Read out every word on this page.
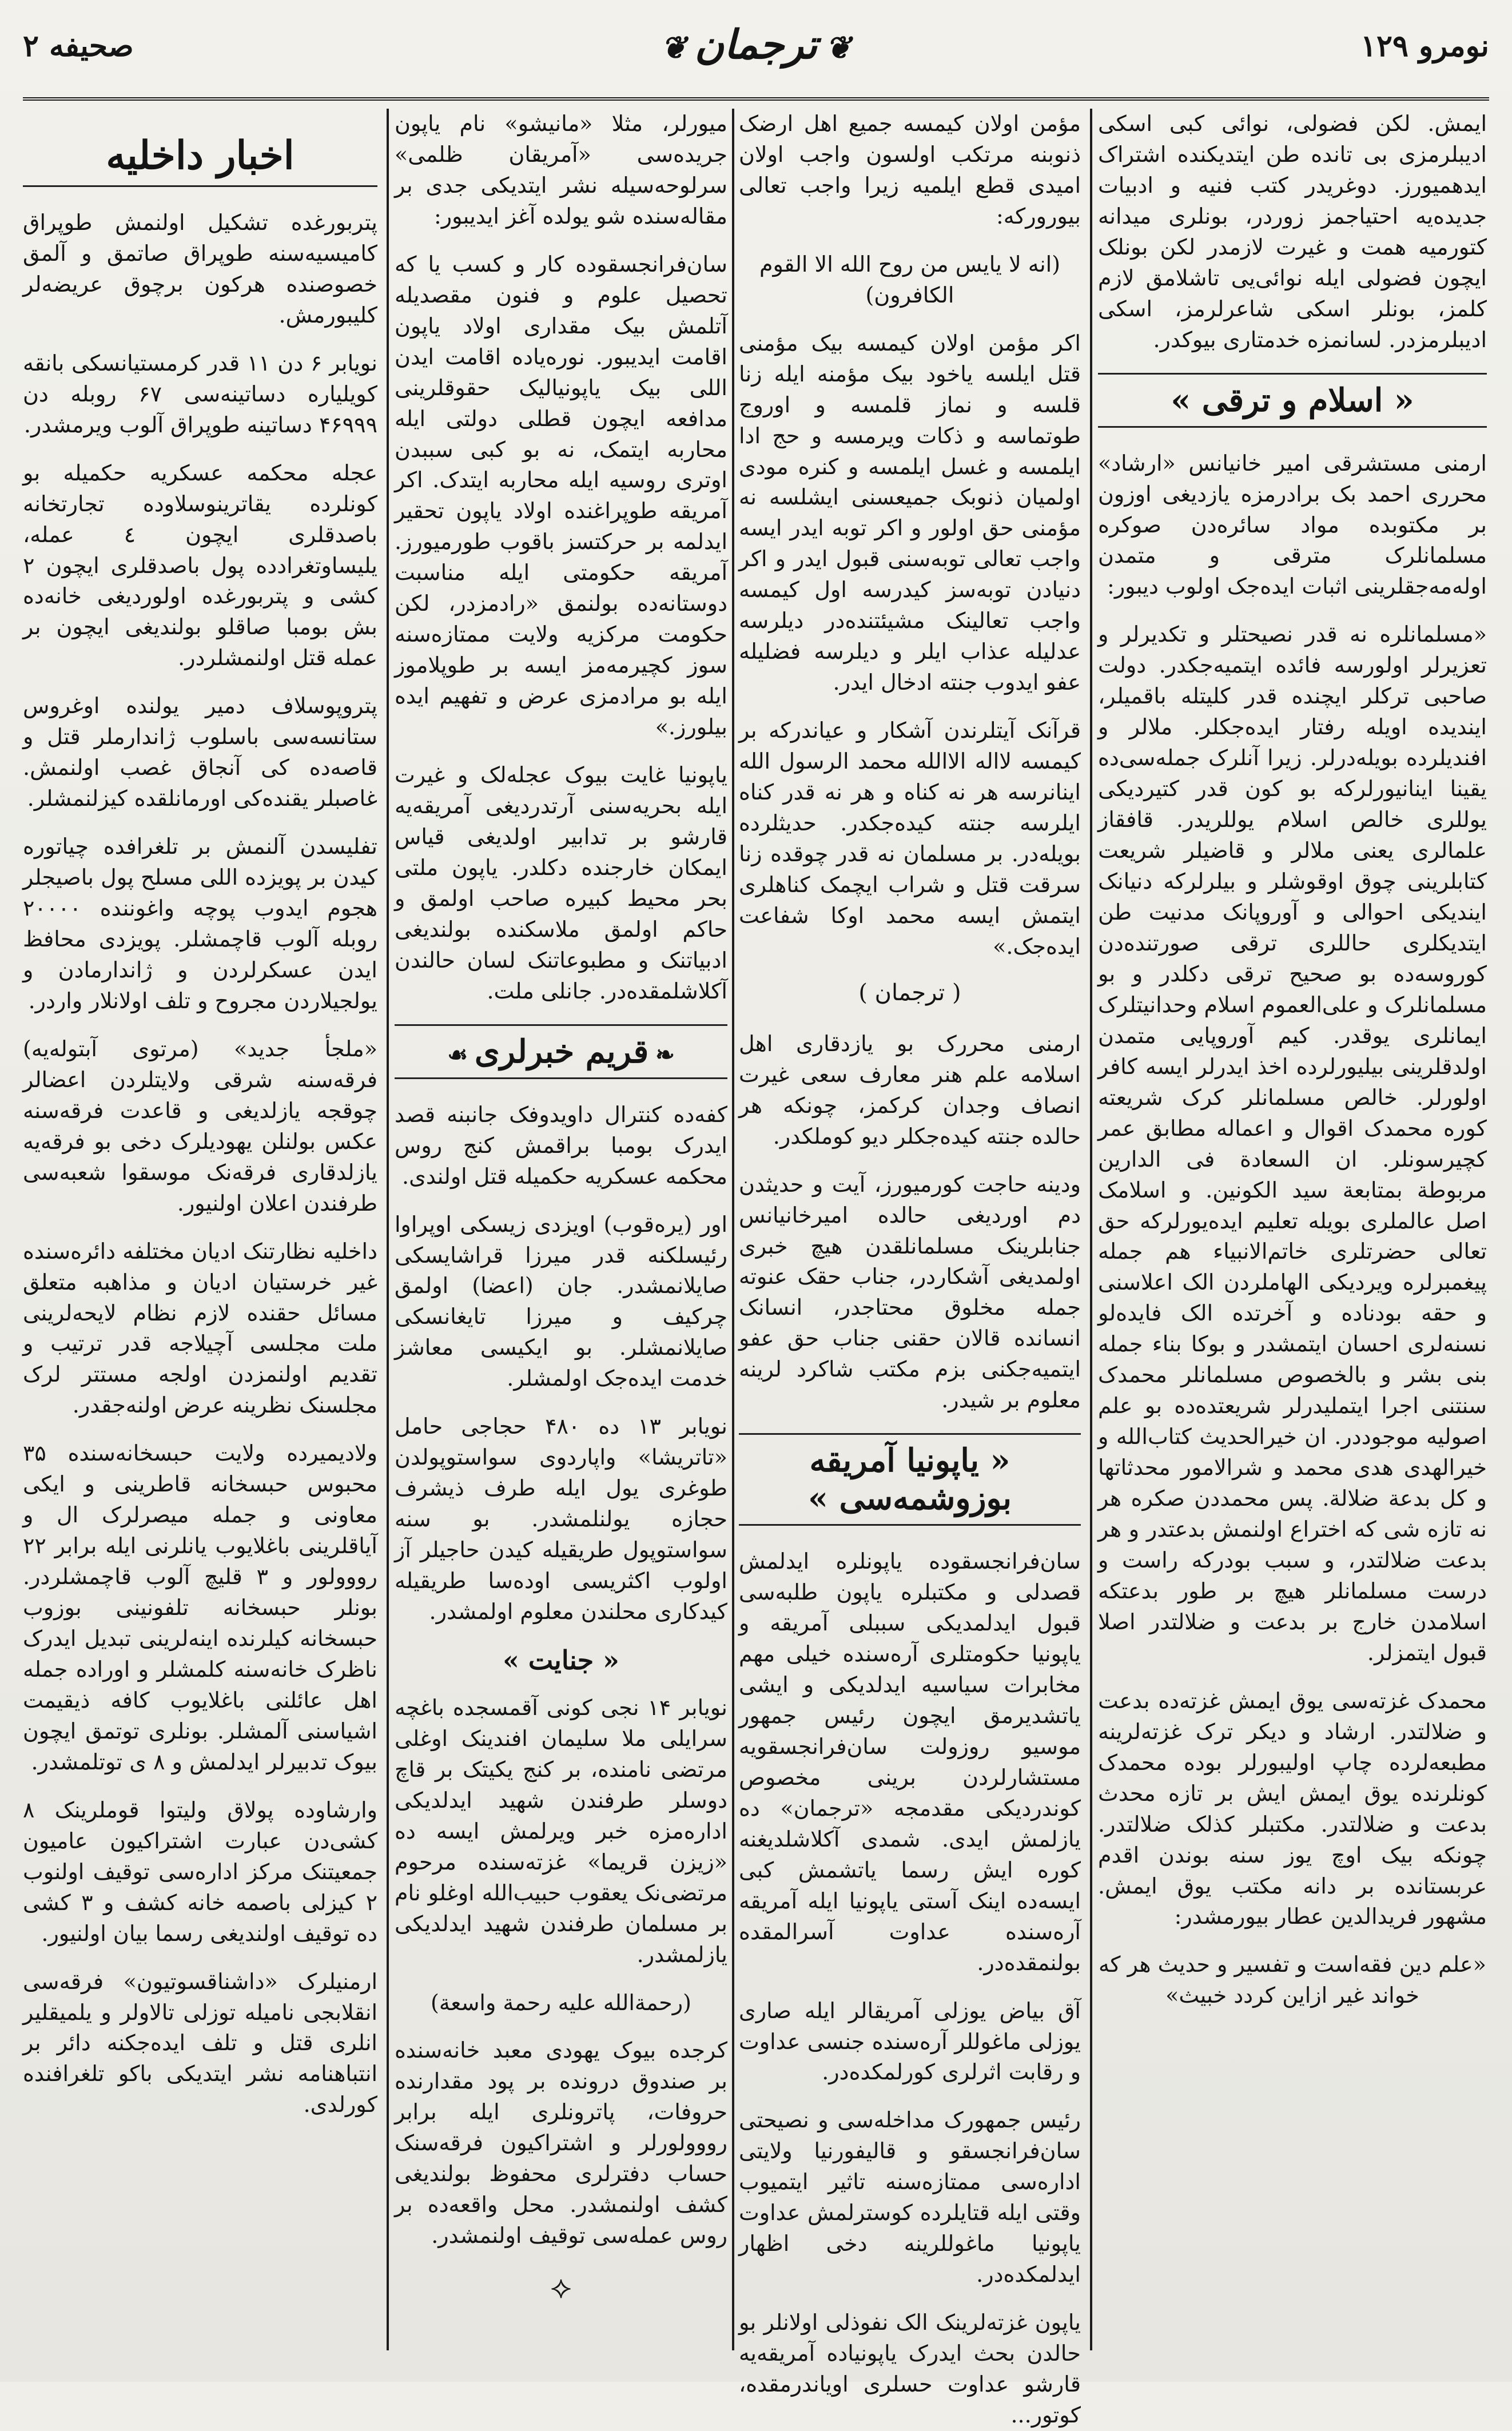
نومرو ۱۲۹
❦ترجمان❦
صحیفه ۲

ایمش. لکن فضولی، نوائی کبی اسکی ادیبلرمزی بی تانده طن ایتدیکنده اشتراک ایدهمیورز. دوغریدر کتب فنیه و ادبیات جدیده‌یه احتیاجمز زوردر، بونلری میدانه کتورمیه همت و غیرت لازمدر لکن بونلک ایچون فضولی ایله نوائی‌یی تاشلامق لازم کلمز، بونلر اسکی شاعرلرمز، اسکی ادیبلرمزدر. لسانمزه خدمتاری بیوکدر.

« اسلام و ترقی »

ارمنی مستشرقی امیر خانیانس «ارشاد» محرری احمد بک برادرمزه یازدیغی اوزون بر مکتوبده مواد سائره‌دن صوکره مسلمانلرک مترقی و متمدن اوله‌مه‌جقلرینی اثبات ایده‌جک اولوب دیبور:

«مسلمانلره نه قدر نصیحتلر و تکدیرلر و تعزیرلر اولورسه فائده ایتمیه‌جکدر. دولت صاحبی ترکلر ایچنده قدر کلیتله باقمیلر، ایندیده اویله رفتار ایده‌جکلر. ملالر و افندیلرده بویله‌درلر. زیرا آنلرک جمله‌سی‌ده یقینا اینانیورلرکه بو کون قدر کتیردیکی یوللری خالص اسلام یوللریدر. قافقاز علمالری یعنی ملالر و قاضیلر شریعت کتابلرینی چوق اوقوشلر و بیلرلرکه دنیانک ایندیکی احوالی و آوروپانک مدنیت طن ایتدیکلری حاللری ترقی صورتنده‌دن کوروسه‌ده بو صحیح ترقی دکلدر و بو مسلمانلرک و علی‌العموم اسلام وحدانیتلرک ایمانلری یوقدر. کیم آوروپایی متمدن اولدقلرینی بیلیورلرده اخذ ایدرلر ایسه کافر اولورلر. خالص مسلمانلر کرک شریعته کوره محمدک اقوال و اعماله مطابق عمر کچیرسونلر. ان السعادة فی الدارین مربوطة بمتابعة سید الکونین. و اسلامک اصل عالملری بویله تعلیم ایده‌یورلرکه حق تعالی حضرتلری خاتم‌الانبیاء هم جمله پیغمبرلره ویردیکی الهاملردن الک اعلاسنی و حقه بودناده و آخرتده الک فایده‌لو نسنه‌لری احسان ایتمشدر و بوکا بناء جمله بنی بشر و بالخصوص مسلمانلر محمدک سنتنی اجرا ایتملیدرلر شریعتده‌ده بو علم اصولیه موجوددر. ان خیرالحدیث کتاب‌الله و خیرالهدی هدی محمد و شرالامور محدثاتها و کل بدعة ضلالة. پس محمددن صکره هر نه تازه شی که اختراع اولنمش بدعتدر و هر بدعت ضلالتدر، و سبب بودرکه راست و درست مسلمانلر هیچ بر طور بدعتکه اسلامدن خارج بر بدعت و ضلالتدر اصلا قبول ایتمزلر.

محمدک غزته‌سی یوق ایمش غزته‌ده بدعت و ضلالتدر. ارشاد و دیکر ترک غزته‌لرینه مطبعه‌لرده چاپ اولیبورلر بوده محمدک کونلرنده یوق ایمش ایش بر تازه محدث بدعت و ضلالتدر. مکتبلر کذلک ضلالتدر. چونکه بیک اوچ یوز سنه بوندن اقدم عربستانده بر دانه مکتب یوق ایمش. مشهور فریدالدین عطار بیورمشدر:

«علم دین فقه‌است و تفسیر و حدیث هر که خواند غیر ازاین کردد خبیث»

مؤمن اولان کیمسه جمیع اهل ارضک ذنوبنه مرتکب اولسون واجب اولان امیدی قطع ایلمیه زیرا واجب تعالی بیورورکه:

(انه لا یایس من روح الله الا القوم الکافرون)

اکر مؤمن اولان کیمسه بیک مؤمنی قتل ایلسه یاخود بیک مؤمنه ایله زنا قلسه و نماز قلمسه و اوروج طوتماسه و ذکات ویرمسه و حج ادا ایلمسه و غسل ایلمسه و کنره مودی اولمیان ذنوبک جمیعسنی ایشلسه نه مؤمنی حق اولور و اکر توبه ایدر ایسه واجب تعالی توبه‌سنی قبول ایدر و اکر دنیادن توبه‌سز کیدرسه اول کیمسه واجب تعالینک مشیئتنده‌در دیلرسه عدلیله عذاب ایلر و دیلرسه فضلیله عفو ایدوب جنته ادخال ایدر.

قرآنک آیتلرندن آشکار و عیاندرکه بر کیمسه لااله الاالله محمد الرسول الله اینانرسه هر نه کناه و هر نه قدر کناه ایلرسه جنته کیده‌جکدر. حدیثلرده بویله‌در. بر مسلمان نه قدر چوقده زنا سرقت قتل و شراب ایچمک کناهلری ایتمش ایسه محمد اوکا شفاعت ایده‌جک.»

( ترجمان )

ارمنی محررک بو یازدقاری اهل اسلامه علم هنر معارف سعی غیرت انصاف وجدان کرکمز، چونکه هر حالده جنته کیده‌جکلر دیو کوملکدر.

ودینه حاجت کورمیورز، آیت و حدیثدن دم اوردیغی حالده امیرخانیانس جنابلرینک مسلمانلقدن هیچ خبری اولمدیغی آشکاردر، جناب حقک عنوته جمله مخلوق محتاجدر، انسانک انسانده قالان حقنی جناب حق عفو ایتمیه‌جکنی بزم مکتب شاکرد لرینه معلوم بر شیدر.

« یاپونیا آمریقه بوزوشمه‌سی »

سان‌فرانجسقوده یاپونلره ایدلمش قصدلی و مکتبلره یاپون طلبه‌سی قبول ایدلمدیکی سببلی آمریقه و یاپونیا حکومتلری آره‌سنده خیلی مهم مخابرات سیاسیه ایدلدیکی و ایشی یاتشدیرمق ایچون رئیس جمهور موسیو روزولت سان‌فرانجسقویه مستشارلردن برینی مخصوص کوندردیکی مقدمجه «ترجمان» ده یازلمش ایدی. شمدی آکلاشلدیغنه کوره ایش رسما یاتشمش کبی ایسه‌ده اینک آستی یاپونیا ایله آمریقه آره‌سنده عداوت آسرالمقده بولنمقده‌در.

آق بیاض یوزلی آمریقالر ایله صاری یوزلی ماغوللر آره‌سنده جنسی عداوت و رقابت اثرلری کورلمکده‌در.

رئیس جمهورک مداخله‌سی و نصیحتی سان‌فرانجسقو و قالیفورنیا ولایتی اداره‌سی ممتازه‌سنه تاثیر ایتمیوب وقتی ایله قتایلرده کوسترلمش عداوت یاپونیا ماغوللرینه دخی اظهار ایدلمکده‌در.

یاپون غزته‌لرینک الک نفوذلی اولانلر بو حالدن بحث ایدرک یاپونیاده آمریقه‌یه قارشو عداوت حسلری اویاندرمقده، کوتور...

میورلر، مثلا «مانیشو» نام یاپون جریده‌سی «آمریقان ظلمی» سرلوحه‌سیله نشر ایتدیکی جدی بر مقاله‌سنده شو یولده آغز ایدیبور:

سان‌فرانجسقوده کار و کسب یا که تحصیل علوم و فنون مقصدیله آتلمش بیک مقداری اولاد یاپون اقامت ایدیبور. نوره‌یاده اقامت ایدن اللی بیک یاپونیالیک حقوقلرینی مدافعه ایچون قطلی دولتی ایله محاربه ایتمک، نه بو کبی سببدن اوتری روسیه ایله محاربه ایتدک. اکر آمریقه طوپراغنده اولاد یاپون تحقیر ایدلمه بر حرکتسز باقوب طورمیورز. آمریقه حکومتی ایله مناسبت دوستانه‌ده بولنمق «رادمزدر، لکن حکومت مرکزیه ولایت ممتازه‌سنه سوز کچیرمه‌مز ایسه بر طوپلاموز ایله بو مرادمزی عرض و تفهیم ایده بیلورز.»

یاپونیا غایت بیوک عجله‌لک و غیرت ایله بحریه‌سنی آرتدردیغی آمریقه‌یه قارشو بر تدابیر اولدیغی قیاس ایمکان خارجنده دکلدر. یاپون ملتی بحر محیط کبیره صاحب اولمق و حاکم اولمق ملاسکنده بولندیغی ادبیاتنک و مطبوعاتنک لسان حالندن آکلاشلمقده‌در. جانلی ملت.

❧قریم خبرلری☙

کفه‌ده کنترال داویدوفک جانبنه قصد ایدرک بومبا براقمش کنج روس محکمه عسکریه حکمیله قتل اولندی.

اور (یره‌قوب) اویزدی زیسکی اوپراوا رئیسلکنه قدر میرزا قراشایسکی صایلانمشدر. جان (اعضا) اولمق چرکیف و میرزا تایغانسکی صایلانمشلر. بو ایکیسی معاشز خدمت ایده‌جک اولمشلر.

نویابر ۱۳ ده ۴۸۰ حجاجی حامل «تاتریشا» واپاردوی سواستوپولدن طوغری یول ایله طرف ذیشرف حجازه یولنلمشدر. بو سنه سواستوپول طریقیله کیدن حاجیلر آز اولوب اکثریسی اوده‌سا طریقیله کیدکاری محلندن معلوم اولمشدر.

« جنایت »

نویابر ۱۴ نجی کونی آقمسجده باغچه سرایلی ملا سلیمان افندینک اوغلی مرتضی نامنده، بر کنج یکیتک بر قاچ دوسلر طرفندن شهید ایدلدیکی اداره‌مزه خبر ویرلمش ایسه ده «زیزن قریما» غزته‌سنده مرحوم مرتضی‌نک یعقوب حبیب‌الله اوغلو نام بر مسلمان طرفندن شهید ایدلدیکی یازلمشدر.

(رحمة‌الله علیه رحمة واسعة)

کرجده بیوک یهودی معبد خانه‌سنده بر صندوق درونده بر پود مقدارنده حروفات، پاترونلری ایله برابر رووولورلر و اشتراکیون فرقه‌سنک حساب دفترلری محفوظ بولندیغی کشف اولنمشدر. محل واقعه‌ده بر روس عمله‌سی توقیف اولنمشدر.

⟡
اخبار داخلیه

پتربورغده تشکیل اولنمش طوپراق کامیسیه‌سنه طوپراق صاتمق و آلمق خصوصنده هرکون برچوق عریضه‌لر کلیبورمش.

نویابر ۶ دن ۱۱ قدر کرمستیانسکی بانقه کویلیاره دساتینه‌سی ۶۷ روبله دن ۴۶۹۹۹ دساتینه طوپراق آلوب ویرمشدر.

عجله محکمه عسکریه حکمیله بو کونلرده یقاترینوسلاوده تجارتخانه باصدقلری ایچون ٤ عمله، یلیساوتغرادده پول باصدقلری ایچون ۲ کشی و پتربورغده اولوردیغی خانه‌ده بش بومبا صاقلو بولندیغی ایچون بر عمله قتل اولنمشلردر.

پتروپوسلاف دمیر یولنده اوغروس ستانسه‌سی باسلوب ژاندارملر قتل و قاصه‌ده کی آنجاق غصب اولنمش. غاصبلر یقنده‌کی اورمانلقده کیزلنمشلر.

تفلیسدن آلنمش بر تلغرافده چیاتوره کیدن بر پویزده اللی مسلح پول باصیجلر هجوم ایدوب پوچه واغوننده ۲۰۰۰۰ روبله آلوب قاچمشلر. پویزدی محافظ ایدن عسکرلردن و ژاندارمادن و یولجیلاردن مجروح و تلف اولانلار واردر.

«ملجأ جدید» (مرتوی آبتوله‌یه) فرقه‌سنه شرقی ولایتلردن اعضالر چوقجه یازلدیغی و قاعدت فرقه‌سنه عکس بولنلن یهودیلرک دخی بو فرقه‌یه یازلدقاری فرقه‌نک موسقوا شعبه‌سی طرفندن اعلان اولنیور.

داخلیه نظارتنک ادیان مختلفه دائره‌سنده غیر خرستیان ادیان و مذاهبه متعلق مسائل حقنده لازم نظام لایحه‌لرینی ملت مجلسی آچیلاجه قدر ترتیب و تقدیم اولنمزدن اولجه مستتر لرک مجلسنک نظرینه عرض اولنه‌جقدر.

ولادیمیرده ولایت حبسخانه‌سنده ۳۵ محبوس حبسخانه قاطرینی و ایکی معاونی و جمله میصرلرک ال و آیاقلرینی باغلایوب یانلرنی ایله برابر ۲۲ رووولور و ۳ قلیچ آلوب قاچمشلردر. بونلر حبسخانه تلفونینی بوزوب حبسخانه کیلرنده اینه‌لرینی تبدیل ایدرک ناظرک خانه‌سنه کلمشلر و اوراده جمله اهل عائلنی باغلایوب کافه ذیقیمت اشیاسنی آلمشلر. بونلری توتمق ایچون بیوک تدبیرلر ایدلمش و ٨ ی توتلمشدر.

وارشاوده پولاق ولیتوا قوملرینک ۸ کشی‌دن عبارت اشتراکیون عامیون جمعیتنک مرکز اداره‌سی توقیف اولنوب ۲ کیزلی باصمه خانه کشف و ۳ کشی ده توقیف اولندیغی رسما بیان اولنیور.

ارمنیلرک «داشناقسوتیون» فرقه‌سی انقلابجی نامیله توزلی تالاولر و یلمیقلیر انلری قتل و تلف ایده‌جکنه دائر بر انتباهنامه نشر ایتدیکی باکو تلغرافنده کورلدی.
